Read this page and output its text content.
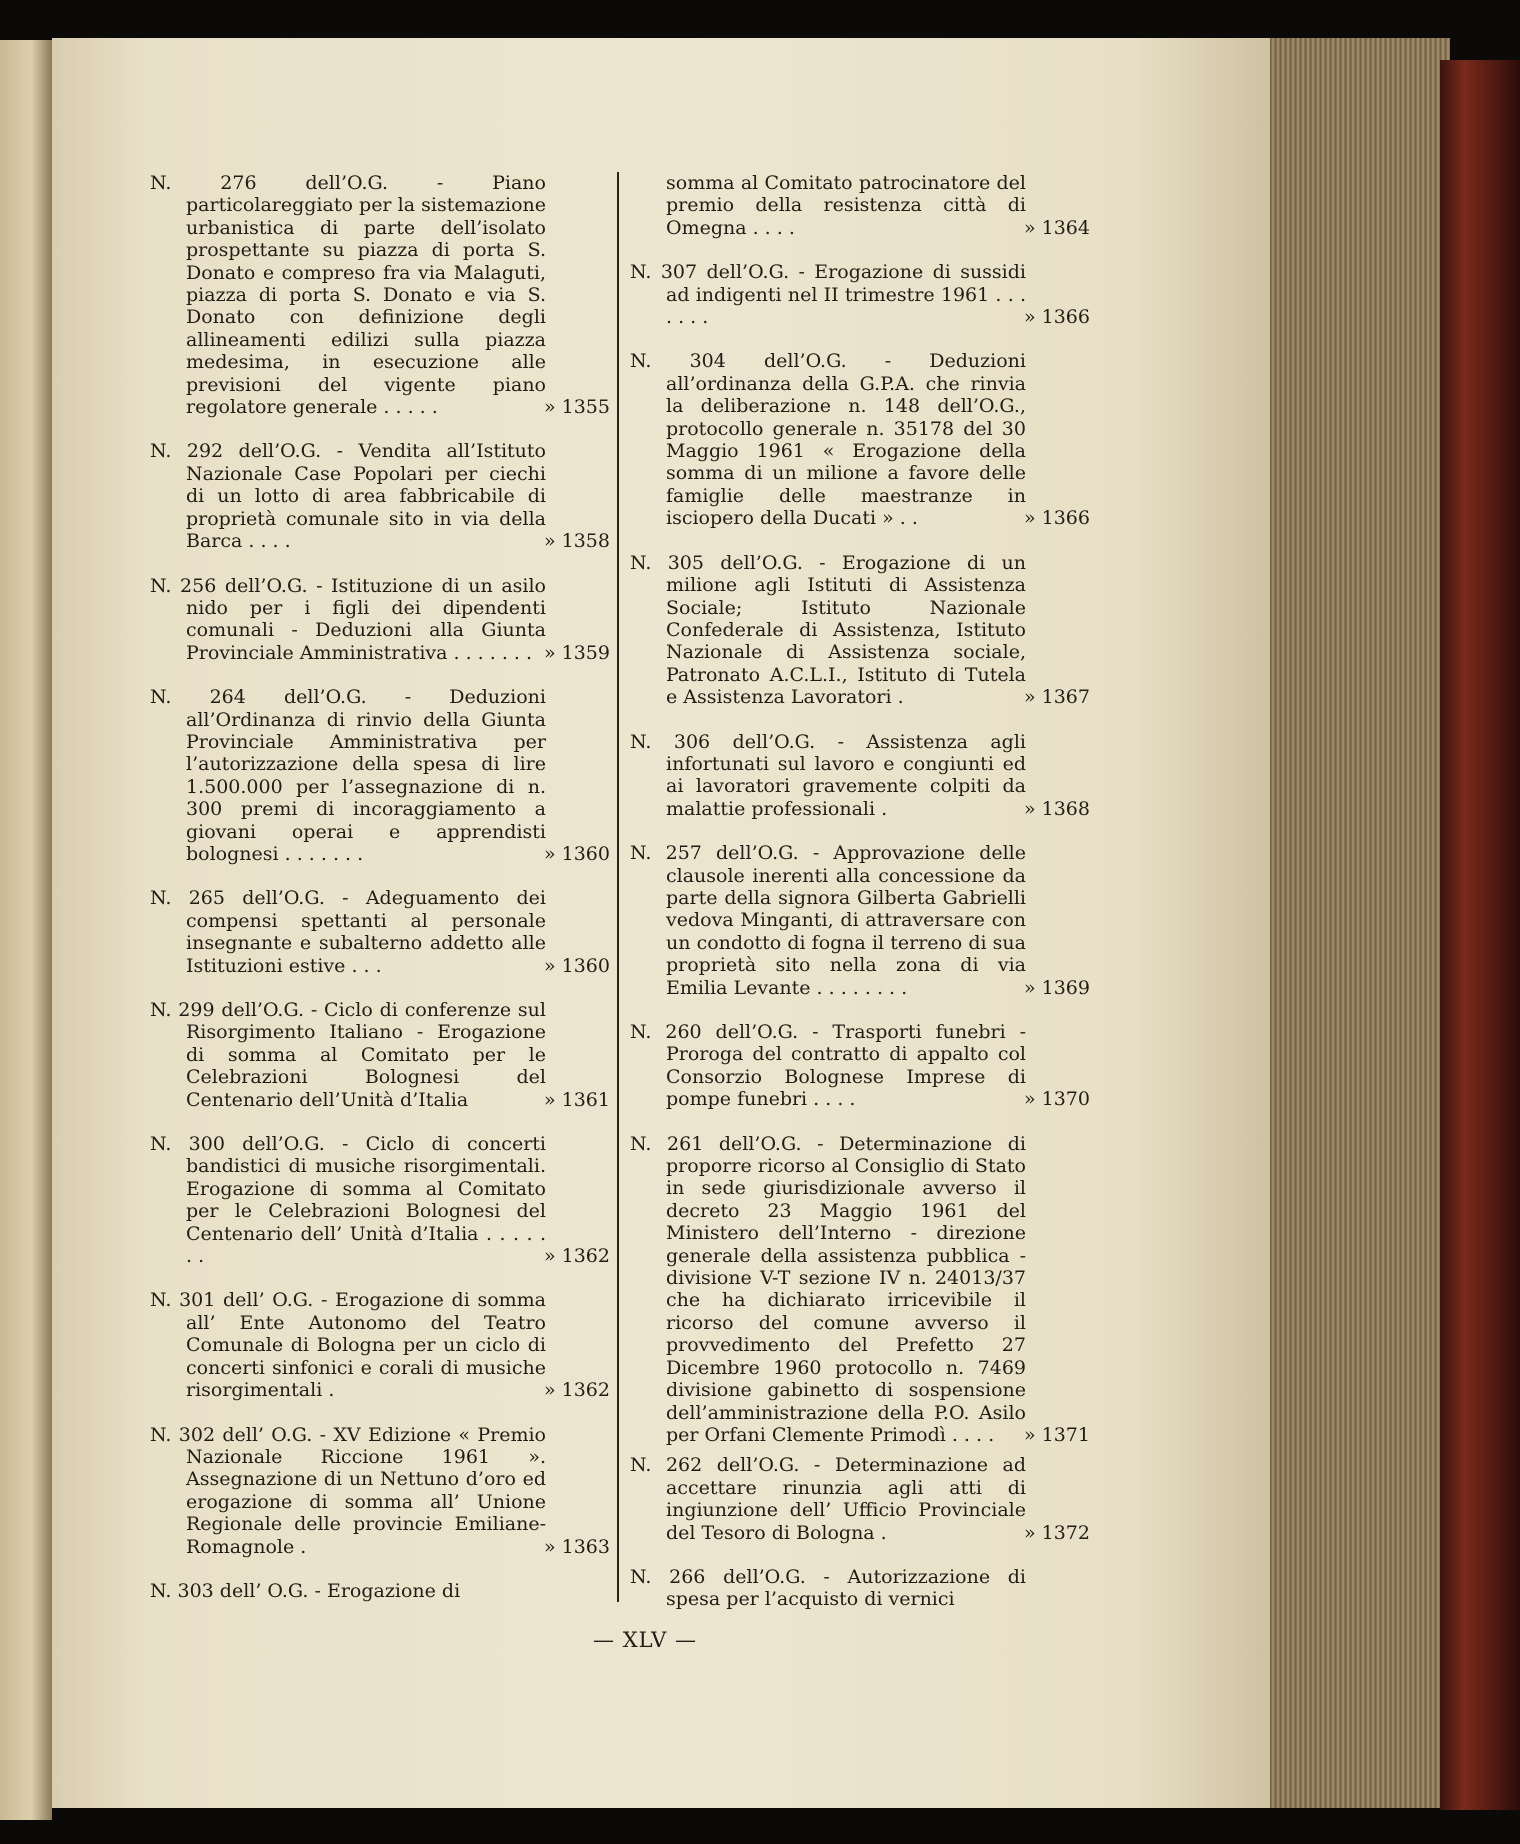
N. 276 dell’O.G. - Piano particolareggiato per la sistemazione urbanistica di parte dell’isolato prospettante su piazza di porta S. Donato e compreso fra via Malaguti, piazza di porta S. Donato e via S. Donato con definizione degli allineamenti edilizi sulla piazza medesima, in esecuzione alle previsioni del vigente piano regolatore generale . . . . .	» 1355
N. 292 dell’O.G. - Vendita all’Istituto Nazionale Case Popolari per ciechi di un lotto di area fabbricabile di proprietà comunale sito in via della Barca . . . .	» 1358
N. 256 dell’O.G. - Istituzione di un asilo nido per i figli dei dipendenti comunali - Deduzioni alla Giunta Provinciale Amministrativa . . . . . . . » 1359
N. 264 dell’O.G. - Deduzioni all’Ordinanza di rinvio della Giunta Provinciale Amministrativa per l’autorizzazione della spesa di lire 1.500.000 per l’assegnazione di n. 300 premi di incoraggiamento a giovani operai e apprendisti bolognesi . . . . . . .	» 1360
N. 265 dell’O.G. - Adeguamento dei compensi spettanti al personale insegnante e subalterno addetto alle Istituzioni estive . . .	» 1360
N. 299 dell’O.G. - Ciclo di conferenze sul Risorgimento Italiano - Erogazione di somma al Comitato per le Celebrazioni Bolognesi del Centenario dell’Unità d’Italia	» 1361
N. 300 dell’O.G. - Ciclo di concerti bandistici di musiche risorgimentali. Erogazione di somma al Comitato per le Celebrazioni Bolognesi del Centenario dell’ Unità d’Italia . . . . . . .	» 1362
N. 301 dell’ O.G. - Erogazione di somma all’ Ente Autonomo del Teatro Comunale di Bologna per un ciclo di concerti sinfonici e corali di musiche risorgimentali .	» 1362
N. 302 dell’ O.G. - XV Edizione « Premio Nazionale Riccione 1961 ». Assegnazione di un Nettuno d’oro ed erogazione di somma all’ Unione Regionale delle provincie Emiliane-Romagnole .	» 1363
N. 303 dell’ O.G. - Erogazione di
somma al Comitato patrocinatore del premio della resistenza città di Omegna . . . .	» 1364
N. 307 dell’O.G. - Erogazione di sussidi ad indigenti nel II trimestre 1961 . . . . . . .	» 1366
N. 304 dell’O.G. - Deduzioni all’ordinanza della G.P.A. che rinvia la deliberazione n. 148 dell’O.G., protocollo generale n. 35178 del 30 Maggio 1961 « Erogazione della somma di un milione a favore delle famiglie delle maestranze in isciopero della Ducati » . .	» 1366
N. 305 dell’O.G. - Erogazione di un milione agli Istituti di Assistenza Sociale; Istituto Nazionale Confederale di Assistenza, Istituto Nazionale di Assistenza sociale, Patronato A.C.L.I., Istituto di Tutela e Assistenza Lavoratori .	» 1367
N. 306 dell’O.G. - Assistenza agli infortunati sul lavoro e congiunti ed ai lavoratori gravemente colpiti da malattie professionali .	» 1368
N. 257 dell’O.G. - Approvazione delle clausole inerenti alla concessione da parte della signora Gilberta Gabrielli vedova Minganti, di attraversare con un condotto di fogna il terreno di sua proprietà sito nella zona di via Emilia Levante . . . . . . . .	» 1369
N. 260 dell’O.G. - Trasporti funebri - Proroga del contratto di appalto col Consorzio Bolognese Imprese di pompe funebri . . . .	» 1370
N. 261 dell’O.G. - Determinazione di proporre ricorso al Consiglio di Stato in sede giurisdizionale avverso il decreto 23 Maggio 1961 del Ministero dell’Interno - direzione generale della assistenza pubblica - divisione V-T sezione IV n. 24013/37 che ha dichiarato irricevibile il ricorso del comune avverso il provvedimento del Prefetto 27 Dicembre 1960 protocollo n. 7469 divisione gabinetto di sospensione dell’amministrazione della P.O. Asilo per Orfani Clemente Primodì . . . .	» 1371
N. 262 dell’O.G. - Determinazione ad accettare rinunzia agli atti di ingiunzione dell’ Ufficio Provinciale del Tesoro di Bologna .	» 1372
N. 266 dell’O.G. - Autorizzazione di spesa per l’acquisto di vernici
— XLV —
